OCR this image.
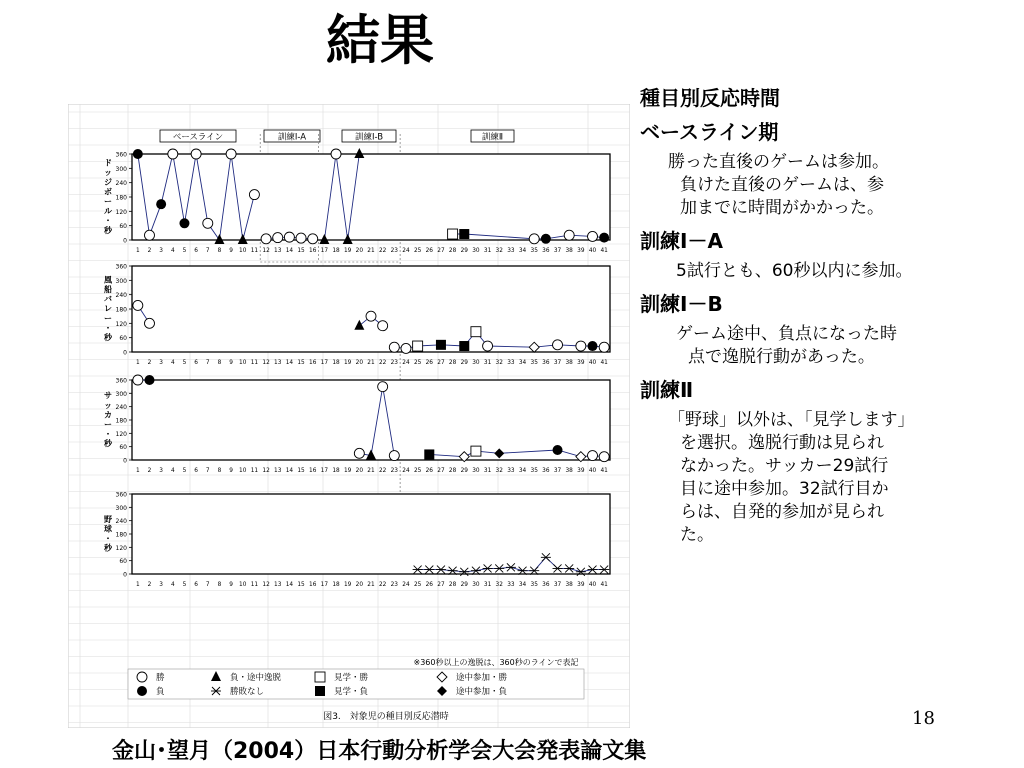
結果
ベースライン	訓練Ⅰ-A	訓練Ⅰ-B	訓練Ⅱ
0
60
120
180
240
300
360
ドッジボール・秒
1 2 3 4 5 6 7 8 9 10 11 12 13 14 15 16 17 18 19 20 21 22 23 24 25 26 27 28 29 30 31 32 33 34 35 36 37 38 39 40 41
0
60
120
180
240
300
360
風船バレー・秒
1 2 3 4 5 6 7 8 9 10 11 12 13 14 15 16 17 18 19 20 21 22 23 24 25 26 27 28 29 30 31 32 33 34 35 36 37 38 39 40 41
0
60
120
180
240
300
360
サッカー・秒
1 2 3 4 5 6 7 8 9 10 11 12 13 14 15 16 17 18 19 20 21 22 23 24 25 26 27 28 29 30 31 32 33 34 35 36 37 38 39 40 41
0
60
120
180
240
300
360
野球・秒
1 2 3 4 5 6 7 8 9 10 11 12 13 14 15 16 17 18 19 20 21 22 23 24 25 26 27 28 29 30 31 32 33 34 35 36 37 38 39 40 41
※360秒以上の逸脱は、360秒のラインで表記
勝	負・途中逸脱	見学・勝	途中参加・勝
負	勝敗なし	見学・負	途中参加・負
図3.　対象児の種目別反応潜時
種目別反応時間
ベースライン期
勝った直後のゲームは参加。
負けた直後のゲームは、参
加までに時間がかかった。
訓練Ⅰ－A
5試行とも、60秒以内に参加。
訓練Ⅰ－B
ゲーム途中、負点になった時
点で逸脱行動があった。
訓練Ⅱ
「野球」以外は、「見学します」
を選択。逸脱行動は見られ
なかった。サッカー29試行
目に途中参加。32試行目か
らは、自発的参加が見られ
た。
18
金山･望月（2004）日本行動分析学会大会発表論文集
